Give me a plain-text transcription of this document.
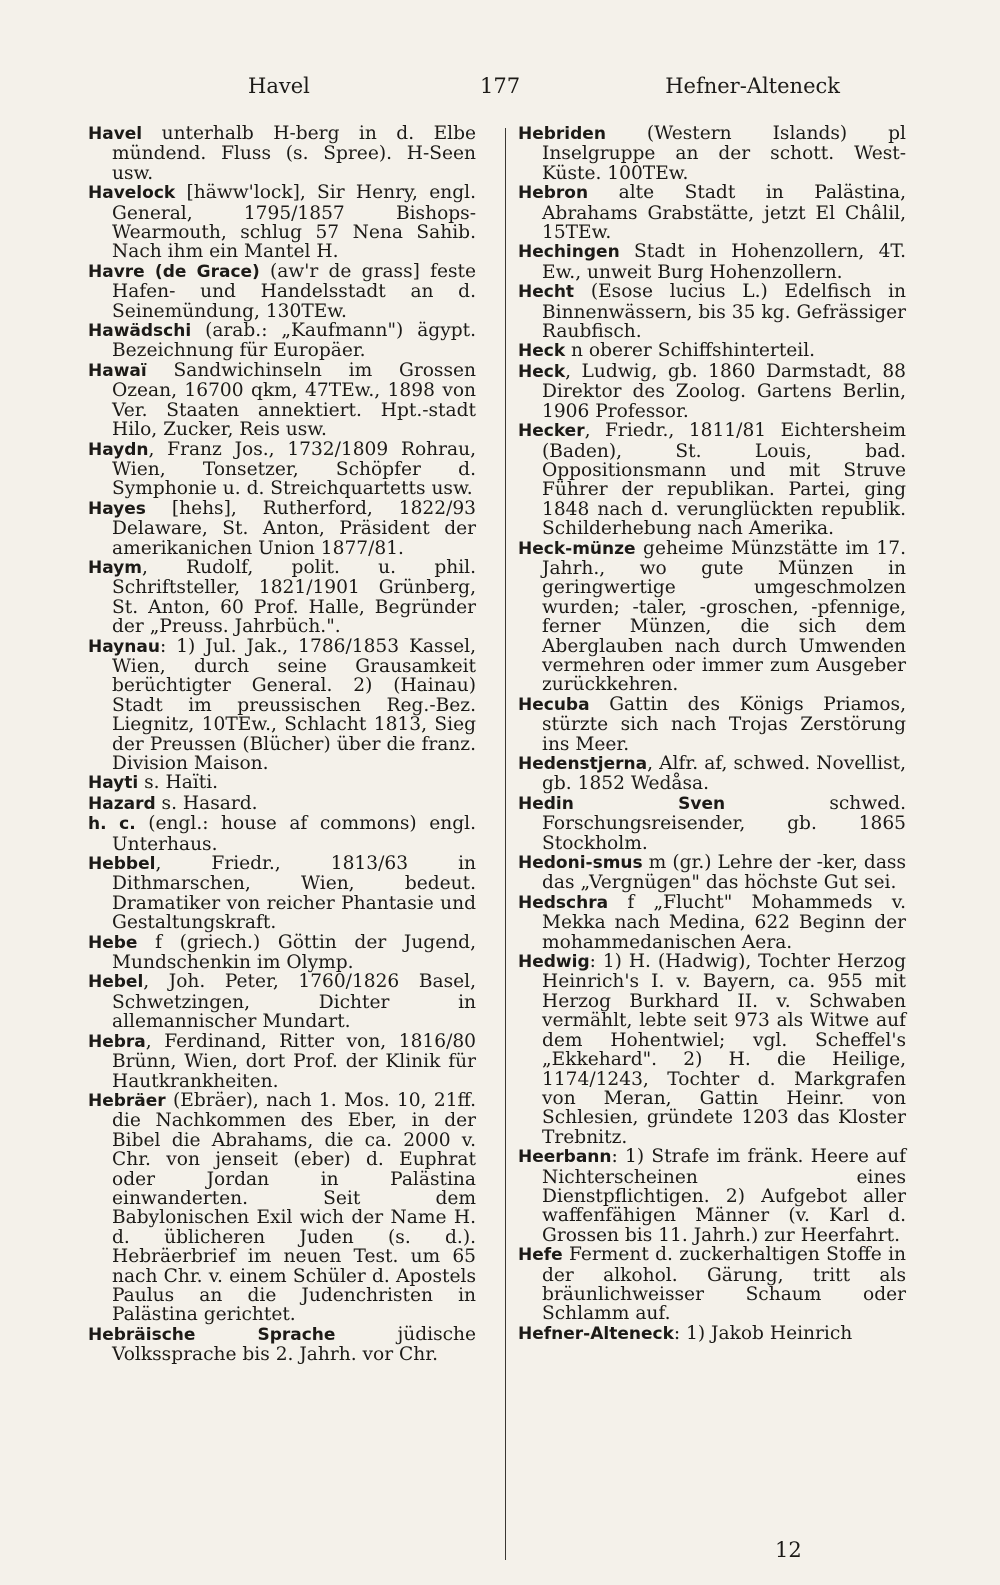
Havel	177	Hefner-Alteneck
Havel unterhalb H-berg in d. Elbe mündend. Fluss (s. Spree). H-Seen usw.
Havelock [häww'lock], Sir Henry, engl. General, 1795/1857 Bishops-Wearmouth, schlug 57 Nena Sahib. Nach ihm ein Mantel H.
Havre (de Grace) (aw'r de grass] feste Hafen- und Handelsstadt an d. Seinemündung, 130TEw.
Hawädschi (arab.: „Kaufmann") ägypt. Bezeichnung für Europäer.
Hawaï Sandwichinseln im Grossen Ozean, 16700 qkm, 47TEw., 1898 von Ver. Staaten annektiert. Hpt.-stadt Hilo, Zucker, Reis usw.
Haydn, Franz Jos., 1732/1809 Rohrau, Wien, Tonsetzer, Schöpfer d. Symphonie u. d. Streichquartetts usw.
Hayes [hehs], Rutherford, 1822/93 Delaware, St. Anton, Präsident der amerikanichen Union 1877/81.
Haym, Rudolf, polit. u. phil. Schriftsteller, 1821/1901 Grünberg, St. Anton, 60 Prof. Halle, Begründer der „Preuss. Jahrbüch.".
Haynau: 1) Jul. Jak., 1786/1853 Kassel, Wien, durch seine Grausamkeit berüchtigter General. 2) (Hainau) Stadt im preussischen Reg.-Bez. Liegnitz, 10TEw., Schlacht 1813, Sieg der Preussen (Blücher) über die franz. Division Maison.
Hayti s. Haïti.
Hazard s. Hasard.
h. c. (engl.: house af commons) engl. Unterhaus.
Hebbel, Friedr., 1813/63 in Dithmarschen, Wien, bedeut. Dramatiker von reicher Phantasie und Gestaltungskraft.
Hebe f (griech.) Göttin der Jugend, Mundschenkin im Olymp.
Hebel, Joh. Peter, 1760/1826 Basel, Schwetzingen, Dichter in allemannischer Mundart.
Hebra, Ferdinand, Ritter von, 1816/80 Brünn, Wien, dort Prof. der Klinik für Hautkrankheiten.
Hebräer (Ebräer), nach 1. Mos. 10, 21ff. die Nachkommen des Eber, in der Bibel die Abrahams, die ca. 2000 v. Chr. von jenseit (eber) d. Euphrat oder Jordan in Palästina einwanderten. Seit dem Babylonischen Exil wich der Name H. d. üblicheren Juden (s. d.). Hebräerbrief im neuen Test. um 65 nach Chr. v. einem Schüler d. Apostels Paulus an die Judenchristen in Palästina gerichtet.
Hebräische Sprache jüdische Volkssprache bis 2. Jahrh. vor Chr.
Hebriden (Western Islands) pl Inselgruppe an der schott. West-Küste. 100TEw.
Hebron alte Stadt in Palästina, Abrahams Grabstätte, jetzt El Châlil, 15TEw.
Hechingen Stadt in Hohenzollern, 4T. Ew., unweit Burg Hohenzollern.
Hecht (Esose lucius L.) Edelfisch in Binnenwässern, bis 35 kg. Gefrässiger Raubfisch.
Heck n oberer Schiffshinterteil.
Heck, Ludwig, gb. 1860 Darmstadt, 88 Direktor des Zoolog. Gartens Berlin, 1906 Professor.
Hecker, Friedr., 1811/81 Eichtersheim (Baden), St. Louis, bad. Oppositionsmann und mit Struve Führer der republikan. Partei, ging 1848 nach d. verunglückten republik. Schilderhebung nach Amerika.
Heck-münze geheime Münzstätte im 17. Jahrh., wo gute Münzen in geringwertige umgeschmolzen wurden; -taler, -groschen, -pfennige, ferner Münzen, die sich dem Aberglauben nach durch Umwenden vermehren oder immer zum Ausgeber zurückkehren.
Hecuba Gattin des Königs Priamos, stürzte sich nach Trojas Zerstörung ins Meer.
Hedenstjerna, Alfr. af, schwed. Novellist, gb. 1852 Wedåsa.
Hedin Sven schwed. Forschungsreisender, gb. 1865 Stockholm.
Hedoni-smus m (gr.) Lehre der -ker, dass das „Vergnügen" das höchste Gut sei.
Hedschra f „Flucht" Mohammeds v. Mekka nach Medina, 622 Beginn der mohammedanischen Aera.
Hedwig: 1) H. (Hadwig), Tochter Herzog Heinrich's I. v. Bayern, ca. 955 mit Herzog Burkhard II. v. Schwaben vermählt, lebte seit 973 als Witwe auf dem Hohentwiel; vgl. Scheffel's „Ekkehard". 2) H. die Heilige, 1174/1243, Tochter d. Markgrafen von Meran, Gattin Heinr. von Schlesien, gründete 1203 das Kloster Trebnitz.
Heerbann: 1) Strafe im fränk. Heere auf Nichterscheinen eines Dienstpflichtigen. 2) Aufgebot aller waffenfähigen Männer (v. Karl d. Grossen bis 11. Jahrh.) zur Heerfahrt.
Hefe Ferment d. zuckerhaltigen Stoffe in der alkohol. Gärung, tritt als bräunlichweisser Schaum oder Schlamm auf.
Hefner-Alteneck: 1) Jakob Heinrich
12
